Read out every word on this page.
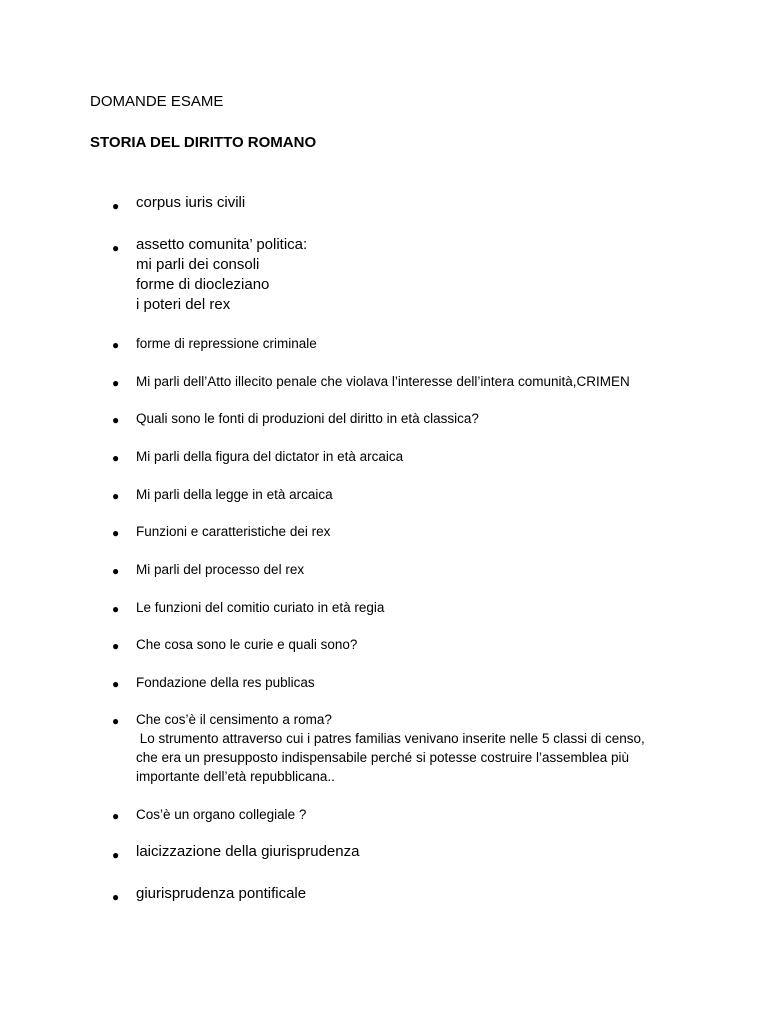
DOMANDE ESAME
STORIA DEL DIRITTO ROMANO
● corpus iuris civili
● assetto comunita’ politica:
mi parli dei consoli
forme di diocleziano
i poteri del rex
● forme di repressione criminale
● Mi parli dell’Atto illecito penale che violava l’interesse dell’intera comunità,CRIMEN
● Quali sono le fonti di produzioni del diritto in età classica?
● Mi parli della figura del dictator in età arcaica
● Mi parli della legge in età arcaica
● Funzioni e caratteristiche dei rex
● Mi parli del processo del rex
● Le funzioni del comitio curiato in età regia
● Che cosa sono le curie e quali sono?
● Fondazione della res publicas
● Che cos’è il censimento a roma?
Lo strumento attraverso cui i patres familias venivano inserite nelle 5 classi di censo,
che era un presupposto indispensabile perché si potesse costruire l’assemblea più
importante dell’età repubblicana..
● Cos’è un organo collegiale ?
● laicizzazione della giurisprudenza
● giurisprudenza pontificale
